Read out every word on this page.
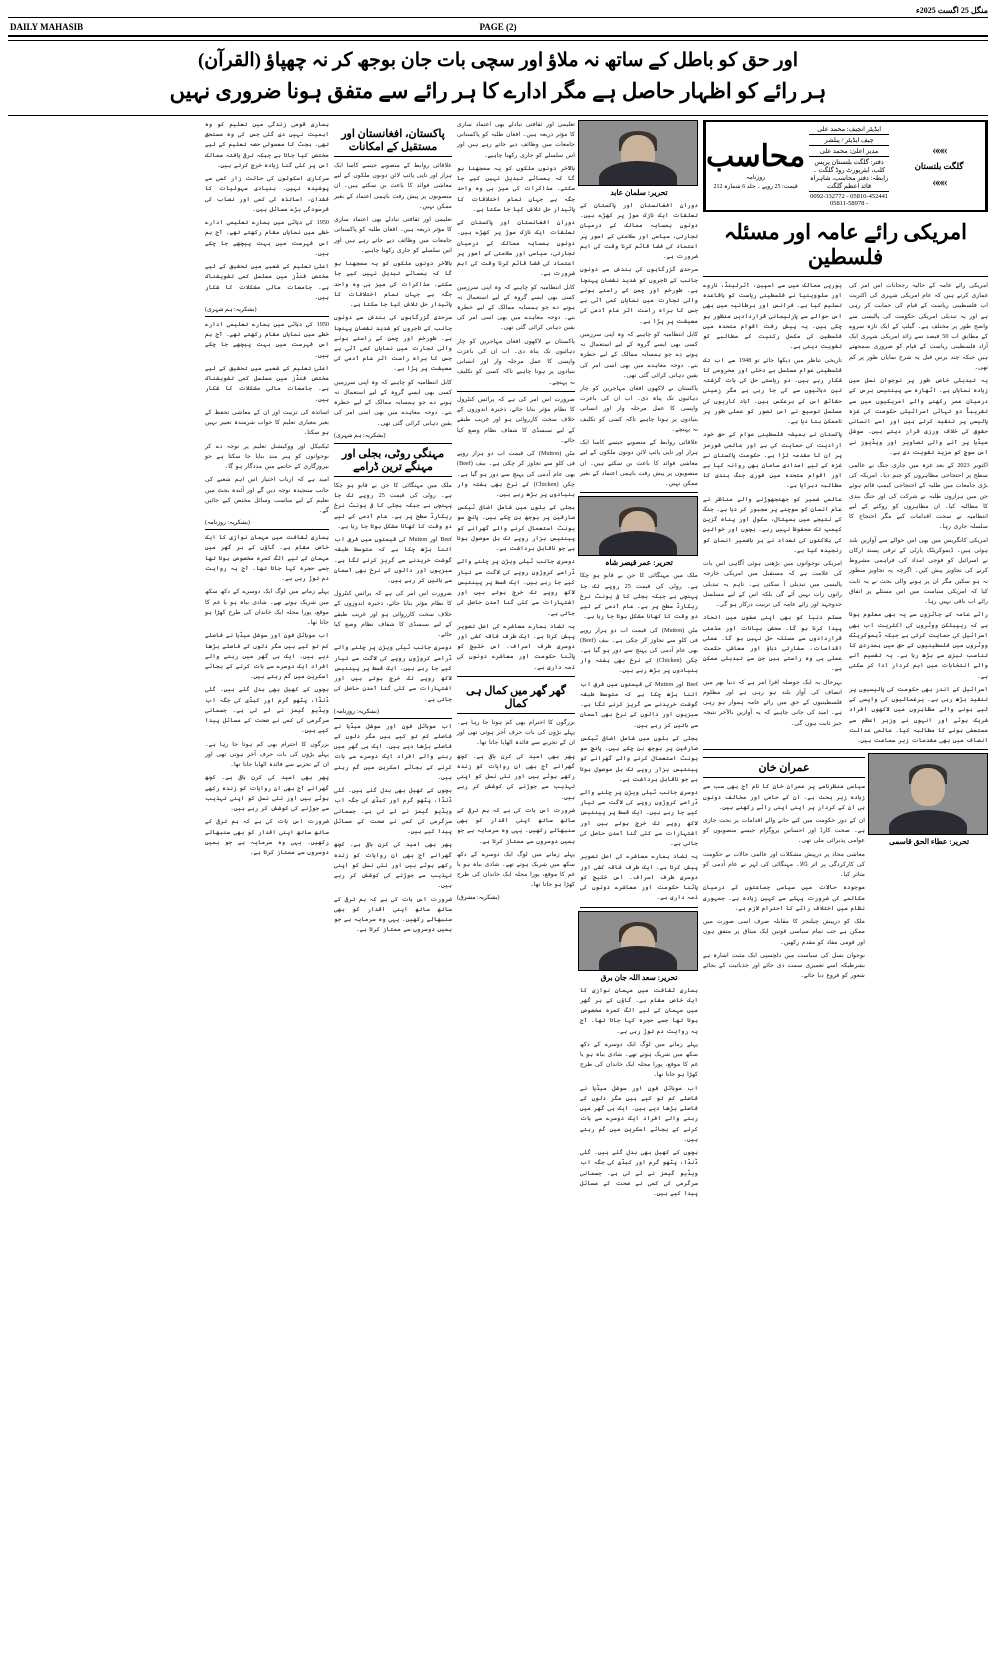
منگل 25 اگست 2025ء
PAGE (2)
DAILY MAHASIB
اور حق کو باطل کے ساتھ نہ ملاؤ اور سچی بات جان بوجھ کر نہ چھپاؤ (القرآن)
ہر رائے کو اظہار حاصل ہے مگر ادارے کا ہر رائے سے متفق ہونا ضروری نہیں
»»»
گلگت بلتستان
»»»
ایڈیٹر انچیف: محمد علی
چیف ایڈیٹر / پبلشر
مدیر اعلیٰ: محمد علی
دفتر: گلگت بلتستان پریس کلب، ایئرپورٹ روڈ گلگت ۔ رابطہ: دفتر محاسب، شاہراہ قائد اعظم گلگت
05810-452441 - 0092-332772 - 05811-58978
محاسب
روزنامہ
قیمت: 25 روپے ۔ جلد 6 شمارہ 212
امریکی رائے عامہ اور مسئلہ فلسطین

امریکی رائے عامہ کے حالیہ رجحانات اس امر کی غمازی کرتے ہیں کہ عام امریکی شہری کی اکثریت اب فلسطینی ریاست کے قیام کی حمایت کر رہی ہے اور یہ تبدیلی امریکی حکومت کی پالیسی سے واضح طور پر مختلف ہے۔ گیلپ کے ایک تازہ سروے کے مطابق اب 50 فیصد سے زائد امریکی شہری ایک آزاد فلسطینی ریاست کے قیام کو ضروری سمجھتے ہیں جبکہ چند برس قبل یہ شرح نمایاں طور پر کم تھی۔

یہ تبدیلی خاص طور پر نوجوان نسل میں زیادہ نمایاں ہے۔ اٹھارہ سے پینتیس برس کے درمیان عمر رکھنے والے امریکیوں میں سے تقریباً دو تہائی اسرائیلی حکومت کی غزہ پالیسی پر تنقید کرتے ہیں اور اسے انسانی حقوق کی خلاف ورزی قرار دیتے ہیں۔ سوشل میڈیا پر آنے والی تصاویر اور ویڈیوز نے اس سوچ کو مزید تقویت دی ہے۔

اکتوبر 2023 کے بعد غزہ میں جاری جنگ نے عالمی سطح پر احتجاجی مظاہروں کو جنم دیا۔ امریکہ کی بڑی جامعات میں طلبہ کے احتجاجی کیمپ قائم ہوئے جن میں ہزاروں طلبہ نے شرکت کی اور جنگ بندی کا مطالبہ کیا۔ ان مظاہروں کو روکنے کے لیے انتظامیہ نے سخت اقدامات کیے مگر احتجاج کا سلسلہ جاری رہا۔

امریکی کانگریس میں بھی اس حوالے سے آوازیں بلند ہوئی ہیں۔ ڈیموکریٹک پارٹی کے ترقی پسند ارکان نے اسرائیل کو فوجی امداد کی فراہمی مشروط کرنے کی تجاویز پیش کیں۔ اگرچہ یہ تجاویز منظور نہ ہو سکیں مگر ان پر ہونے والی بحث نے یہ ثابت کیا کہ امریکی سیاست میں اس مسئلے پر اتفاق رائے اب باقی نہیں رہا۔

رائے عامہ کے جائزوں سے یہ بھی معلوم ہوتا ہے کہ ریپبلکن ووٹروں کی اکثریت اب بھی اسرائیل کی حمایت کرتی ہے جبکہ ڈیموکریٹک ووٹروں میں فلسطینیوں کے حق میں ہمدردی کا تناسب تیزی سے بڑھ رہا ہے۔ یہ تقسیم آنے والے انتخابات میں اہم کردار ادا کر سکتی ہے۔

اسرائیل کے اندر بھی حکومت کی پالیسیوں پر تنقید بڑھ رہی ہے۔ یرغمالیوں کی واپسی کے لیے ہونے والے مظاہروں میں لاکھوں افراد شریک ہوئے اور انہوں نے وزیر اعظم سے مستعفی ہونے کا مطالبہ کیا۔ عالمی عدالت انصاف میں بھی مقدمات زیر سماعت ہیں۔

یورپی ممالک میں سے اسپین، آئرلینڈ، ناروے اور سلووینیا نے فلسطینی ریاست کو باقاعدہ تسلیم کیا ہے۔ فرانس اور برطانیہ میں بھی اس حوالے سے پارلیمانی قراردادیں منظور ہو چکی ہیں۔ یہ پیش رفت اقوام متحدہ میں فلسطین کی مکمل رکنیت کے مطالبے کو تقویت دیتی ہے۔

تاریخی تناظر میں دیکھا جائے تو 1948 سے اب تک فلسطینی عوام مسلسل بے دخلی اور محرومی کا شکار رہے ہیں۔ دو ریاستی حل کی بات گزشتہ تین دہائیوں سے کی جا رہی ہے مگر زمینی حقائق اس کے برعکس ہیں۔ آباد کاریوں کی مسلسل توسیع نے اس تصور کو عملی طور پر ناممکن بنا دیا ہے۔

پاکستان نے ہمیشہ فلسطینی عوام کے حق خود ارادیت کی حمایت کی ہے اور عالمی فورمز پر ان کا مقدمہ لڑا ہے۔ حکومت پاکستان نے غزہ کے لیے امدادی سامان بھی روانہ کیا ہے اور اقوام متحدہ میں فوری جنگ بندی کا مطالبہ دہرایا ہے۔

عالمی ضمیر کو جھنجھوڑنے والے مناظر نے عام انسان کو سوچنے پر مجبور کر دیا ہے۔ جنگ کے نتیجے میں ہسپتال، سکول اور پناہ گزین کیمپ تک محفوظ نہیں رہے۔ بچوں اور خواتین کی ہلاکتوں کی تعداد نے ہر باضمیر انسان کو رنجیدہ کیا ہے۔

امریکی نوجوانوں میں بڑھتی ہوئی آگاہی اس بات کی علامت ہے کہ مستقبل میں امریکی خارجہ پالیسی میں تبدیلی آ سکتی ہے۔ تاہم یہ تبدیلی راتوں رات نہیں آئے گی بلکہ اس کے لیے مسلسل جدوجہد اور رائے عامہ کی تربیت درکار ہو گی۔

مسلم دنیا کو بھی اپنی صفوں میں اتحاد پیدا کرنا ہو گا۔ محض بیانات اور مذمتی قراردادوں سے مسئلہ حل نہیں ہو گا۔ عملی اقدامات، سفارتی دباؤ اور معاشی حکمت عملی ہی وہ راستے ہیں جن سے تبدیلی ممکن ہے۔

بہرحال یہ ایک حوصلہ افزا امر ہے کہ دنیا بھر میں انصاف کی آواز بلند ہو رہی ہے اور مظلوم فلسطینیوں کے حق میں رائے عامہ ہموار ہو رہی ہے۔ امید کی جانی چاہیے کہ یہ آوازیں بالآخر نتیجہ خیز ثابت ہوں گی۔

تحریر: عطاء الحق قاسمی
عمران خان

سیاسی منظرنامے پر عمران خان کا نام آج بھی سب سے زیادہ زیر بحث ہے۔ ان کے حامی اور مخالف دونوں ہی ان کے کردار پر اپنی اپنی رائے رکھتے ہیں۔

ان کے دور حکومت میں کیے جانے والے اقدامات پر بحث جاری ہے۔ صحت کارڈ اور احساس پروگرام جیسے منصوبوں کو عوامی پذیرائی ملی تھی۔

معاشی محاذ پر درپیش مشکلات اور عالمی حالات نے حکومت کی کارکردگی پر اثر ڈالا۔ مہنگائی کی لہر نے عام آدمی کو متاثر کیا۔

موجودہ حالات میں سیاسی جماعتوں کے درمیان مکالمے کی ضرورت پہلے سے کہیں زیادہ ہے۔ جمہوری نظام میں اختلاف رائے کا احترام لازم ہے۔

ملک کو درپیش چیلنجز کا مقابلہ صرف اسی صورت میں ممکن ہے جب تمام سیاسی قوتیں ایک میثاق پر متفق ہوں اور قومی مفاد کو مقدم رکھیں۔

نوجوان نسل کی سیاست میں دلچسپی ایک مثبت اشارہ ہے بشرطیکہ اسے تعمیری سمت دی جائے اور جذباتیت کے بجائے شعور کو فروغ دیا جائے۔

تحریر: سلمان عابد

دوران افغانستان اور پاکستان کے تعلقات ایک نازک موڑ پر کھڑے ہیں۔ دونوں ہمسایہ ممالک کے درمیان تجارتی، سیاسی اور سلامتی کے امور پر اعتماد کی فضا قائم کرنا وقت کی اہم ضرورت ہے۔

سرحدی گزرگاہوں کی بندش سے دونوں جانب کے تاجروں کو شدید نقصان پہنچا ہے۔ طورخم اور چمن کے راستے ہونے والی تجارت میں نمایاں کمی آئی ہے جس کا براہ راست اثر عام آدمی کی معیشت پر پڑا ہے۔

کابل انتظامیہ کو چاہیے کہ وہ اپنی سرزمین کسی بھی ایسے گروہ کے لیے استعمال نہ ہونے دے جو ہمسایہ ممالک کے لیے خطرہ بنے۔ دوحہ معاہدے میں بھی اسی امر کی یقین دہانی کرائی گئی تھی۔

پاکستان نے لاکھوں افغان مہاجرین کو چار دہائیوں تک پناہ دی۔ اب ان کی باعزت واپسی کا عمل مرحلہ وار اور انسانی بنیادوں پر ہونا چاہیے تاکہ کسی کو تکلیف نہ پہنچے۔

علاقائی روابط کے منصوبے جیسے کاسا ایک ہزار اور تاپی پائپ لائن دونوں ملکوں کے لیے معاشی فوائد کا باعث بن سکتے ہیں۔ ان منصوبوں پر پیش رفت باہمی اعتماد کے بغیر ممکن نہیں۔

تحریر: عمر قیصر شاہ

ملک میں مہنگائی کا جن بے قابو ہو چکا ہے۔ روٹی کی قیمت 25 روپے تک جا پہنچی ہے جبکہ بجلی کا فی یونٹ نرخ ریکارڈ سطح پر ہے۔ عام آدمی کے لیے دو وقت کا کھانا مشکل ہوتا جا رہا ہے۔

مٹن (Mutton) کی قیمت اب دو ہزار روپے فی کلو سے تجاوز کر چکی ہے۔ بیف (Beef) بھی عام آدمی کی پہنچ سے دور ہو گیا ہے۔ چکن (Chicken) کے نرخ بھی ہفتہ وار بنیادوں پر بڑھ رہے ہیں۔

Beef اور Mutton کی قیمتوں میں فرق اب اتنا بڑھ چکا ہے کہ متوسط طبقہ گوشت خریدنے سے گریز کرنے لگا ہے۔ سبزیوں اور دالوں کے نرخ بھی آسمان سے باتیں کر رہے ہیں۔

بجلی کے بلوں میں شامل اضافی ٹیکس صارفین پر بوجھ بن چکے ہیں۔ پانچ سو یونٹ استعمال کرنے والے گھرانے کو پینتیس ہزار روپے تک بل موصول ہوتا ہے جو ناقابل برداشت ہے۔

دوسری جانب ٹیلی ویژن پر چلنے والے ڈرامے کروڑوں روپے کی لاگت سے تیار کیے جا رہے ہیں۔ ایک قسط پر پینتیس لاکھ روپے تک خرچ ہوتے ہیں اور اشتہارات سے کئی گنا آمدن حاصل کی جاتی ہے۔

یہ تضاد ہمارے معاشرے کی اصل تصویر پیش کرتا ہے۔ ایک طرف فاقہ کشی اور دوسری طرف اسراف۔ اس خلیج کو پاٹنا حکومت اور معاشرے دونوں کی ذمہ داری ہے۔

تحریر: سعد اللہ جان برق

ہماری ثقافت میں مہمان نوازی کا ایک خاص مقام ہے۔ گاؤں کے ہر گھر میں مہمان کے لیے الگ کمرہ مخصوص ہوتا تھا جسے حجرہ کہا جاتا تھا۔ آج یہ روایت دم توڑ رہی ہے۔

پہلے زمانے میں لوگ ایک دوسرے کے دکھ سکھ میں شریک ہوتے تھے۔ شادی بیاہ ہو یا غم کا موقع، پورا محلہ ایک خاندان کی طرح کھڑا ہو جاتا تھا۔

اب موبائل فون اور سوشل میڈیا نے فاصلے کم تو کیے ہیں مگر دلوں کے فاصلے بڑھا دیے ہیں۔ ایک ہی گھر میں رہنے والے افراد ایک دوسرے سے بات کرنے کے بجائے اسکرین میں گم رہتے ہیں۔

بچوں کے کھیل بھی بدل گئے ہیں۔ گلی ڈنڈا، پٹھو گرم اور کبڈی کی جگہ اب ویڈیو گیمز نے لے لی ہے۔ جسمانی سرگرمی کی کمی نے صحت کے مسائل پیدا کیے ہیں۔

تعلیمی اور ثقافتی تبادلے بھی اعتماد سازی کا مؤثر ذریعہ ہیں۔ افغان طلبہ کو پاکستانی جامعات میں وظائف دیے جاتے رہے ہیں اور اس سلسلے کو جاری رکھنا چاہیے۔

بالآخر دونوں ملکوں کو یہ سمجھنا ہو گا کہ ہمسائے تبدیل نہیں کیے جا سکتے۔ مذاکرات کی میز ہی وہ واحد جگہ ہے جہاں تمام اختلافات کا پائیدار حل تلاش کیا جا سکتا ہے۔

دوران افغانستان اور پاکستان کے تعلقات ایک نازک موڑ پر کھڑے ہیں۔ دونوں ہمسایہ ممالک کے درمیان تجارتی، سیاسی اور سلامتی کے امور پر اعتماد کی فضا قائم کرنا وقت کی اہم ضرورت ہے۔

کابل انتظامیہ کو چاہیے کہ وہ اپنی سرزمین کسی بھی ایسے گروہ کے لیے استعمال نہ ہونے دے جو ہمسایہ ممالک کے لیے خطرہ بنے۔ دوحہ معاہدے میں بھی اسی امر کی یقین دہانی کرائی گئی تھی۔

پاکستان نے لاکھوں افغان مہاجرین کو چار دہائیوں تک پناہ دی۔ اب ان کی باعزت واپسی کا عمل مرحلہ وار اور انسانی بنیادوں پر ہونا چاہیے تاکہ کسی کو تکلیف نہ پہنچے۔

ضرورت اس امر کی ہے کہ پرائس کنٹرول کا نظام مؤثر بنایا جائے، ذخیرہ اندوزوں کے خلاف سخت کارروائی ہو اور غریب طبقے کے لیے سبسڈی کا شفاف نظام وضع کیا جائے۔

مٹن (Mutton) کی قیمت اب دو ہزار روپے فی کلو سے تجاوز کر چکی ہے۔ بیف (Beef) بھی عام آدمی کی پہنچ سے دور ہو گیا ہے۔ چکن (Chicken) کے نرخ بھی ہفتہ وار بنیادوں پر بڑھ رہے ہیں۔

بجلی کے بلوں میں شامل اضافی ٹیکس صارفین پر بوجھ بن چکے ہیں۔ پانچ سو یونٹ استعمال کرنے والے گھرانے کو پینتیس ہزار روپے تک بل موصول ہوتا ہے جو ناقابل برداشت ہے۔

دوسری جانب ٹیلی ویژن پر چلنے والے ڈرامے کروڑوں روپے کی لاگت سے تیار کیے جا رہے ہیں۔ ایک قسط پر پینتیس لاکھ روپے تک خرچ ہوتے ہیں اور اشتہارات سے کئی گنا آمدن حاصل کی جاتی ہے۔

یہ تضاد ہمارے معاشرے کی اصل تصویر پیش کرتا ہے۔ ایک طرف فاقہ کشی اور دوسری طرف اسراف۔ اس خلیج کو پاٹنا حکومت اور معاشرے دونوں کی ذمہ داری ہے۔

گھر گھر میں کمال ہی کمال

بزرگوں کا احترام بھی کم ہوتا جا رہا ہے۔ پہلے بڑوں کی بات حرف آخر ہوتی تھی اور ان کے تجربے سے فائدہ اٹھایا جاتا تھا۔

پھر بھی امید کی کرن باقی ہے۔ کچھ گھرانے آج بھی ان روایات کو زندہ رکھے ہوئے ہیں اور نئی نسل کو اپنی تہذیب سے جوڑنے کی کوشش کر رہے ہیں۔

ضرورت اس بات کی ہے کہ ہم ترقی کے ساتھ ساتھ اپنی اقدار کو بھی سنبھالے رکھیں۔ یہی وہ سرمایہ ہے جو ہمیں دوسروں سے ممتاز کرتا ہے۔

پہلے زمانے میں لوگ ایک دوسرے کے دکھ سکھ میں شریک ہوتے تھے۔ شادی بیاہ ہو یا غم کا موقع، پورا محلہ ایک خاندان کی طرح کھڑا ہو جاتا تھا۔

(بشکریہ: مشرق)
پاکستان، افغانستان اور مستقبل کے امکانات

علاقائی روابط کے منصوبے جیسے کاسا ایک ہزار اور تاپی پائپ لائن دونوں ملکوں کے لیے معاشی فوائد کا باعث بن سکتے ہیں۔ ان منصوبوں پر پیش رفت باہمی اعتماد کے بغیر ممکن نہیں۔

تعلیمی اور ثقافتی تبادلے بھی اعتماد سازی کا مؤثر ذریعہ ہیں۔ افغان طلبہ کو پاکستانی جامعات میں وظائف دیے جاتے رہے ہیں اور اس سلسلے کو جاری رکھنا چاہیے۔

بالآخر دونوں ملکوں کو یہ سمجھنا ہو گا کہ ہمسائے تبدیل نہیں کیے جا سکتے۔ مذاکرات کی میز ہی وہ واحد جگہ ہے جہاں تمام اختلافات کا پائیدار حل تلاش کیا جا سکتا ہے۔

سرحدی گزرگاہوں کی بندش سے دونوں جانب کے تاجروں کو شدید نقصان پہنچا ہے۔ طورخم اور چمن کے راستے ہونے والی تجارت میں نمایاں کمی آئی ہے جس کا براہ راست اثر عام آدمی کی معیشت پر پڑا ہے۔

کابل انتظامیہ کو چاہیے کہ وہ اپنی سرزمین کسی بھی ایسے گروہ کے لیے استعمال نہ ہونے دے جو ہمسایہ ممالک کے لیے خطرہ بنے۔ دوحہ معاہدے میں بھی اسی امر کی یقین دہانی کرائی گئی تھی۔

(بشکریہ: ہم شہری)
مہنگی روٹی، بجلی اور مہنگے ترین ڈرامے

ملک میں مہنگائی کا جن بے قابو ہو چکا ہے۔ روٹی کی قیمت 25 روپے تک جا پہنچی ہے جبکہ بجلی کا فی یونٹ نرخ ریکارڈ سطح پر ہے۔ عام آدمی کے لیے دو وقت کا کھانا مشکل ہوتا جا رہا ہے۔

Beef اور Mutton کی قیمتوں میں فرق اب اتنا بڑھ چکا ہے کہ متوسط طبقہ گوشت خریدنے سے گریز کرنے لگا ہے۔ سبزیوں اور دالوں کے نرخ بھی آسمان سے باتیں کر رہے ہیں۔

ضرورت اس امر کی ہے کہ پرائس کنٹرول کا نظام مؤثر بنایا جائے، ذخیرہ اندوزوں کے خلاف سخت کارروائی ہو اور غریب طبقے کے لیے سبسڈی کا شفاف نظام وضع کیا جائے۔

دوسری جانب ٹیلی ویژن پر چلنے والے ڈرامے کروڑوں روپے کی لاگت سے تیار کیے جا رہے ہیں۔ ایک قسط پر پینتیس لاکھ روپے تک خرچ ہوتے ہیں اور اشتہارات سے کئی گنا آمدن حاصل کی جاتی ہے۔

(بشکریہ: روزنامہ)

اب موبائل فون اور سوشل میڈیا نے فاصلے کم تو کیے ہیں مگر دلوں کے فاصلے بڑھا دیے ہیں۔ ایک ہی گھر میں رہنے والے افراد ایک دوسرے سے بات کرنے کے بجائے اسکرین میں گم رہتے ہیں۔

بچوں کے کھیل بھی بدل گئے ہیں۔ گلی ڈنڈا، پٹھو گرم اور کبڈی کی جگہ اب ویڈیو گیمز نے لے لی ہے۔ جسمانی سرگرمی کی کمی نے صحت کے مسائل پیدا کیے ہیں۔

پھر بھی امید کی کرن باقی ہے۔ کچھ گھرانے آج بھی ان روایات کو زندہ رکھے ہوئے ہیں اور نئی نسل کو اپنی تہذیب سے جوڑنے کی کوشش کر رہے ہیں۔

ضرورت اس بات کی ہے کہ ہم ترقی کے ساتھ ساتھ اپنی اقدار کو بھی سنبھالے رکھیں۔ یہی وہ سرمایہ ہے جو ہمیں دوسروں سے ممتاز کرتا ہے۔

ہماری قومی زندگی میں تعلیم کو وہ اہمیت نہیں دی گئی جس کی وہ مستحق تھی۔ بجٹ کا معمولی حصہ تعلیم کے لیے مختص کیا جاتا ہے جبکہ ترقی یافتہ ممالک اس پر کئی گنا زیادہ خرچ کرتے ہیں۔

سرکاری اسکولوں کی حالت زار کسی سے پوشیدہ نہیں۔ بنیادی سہولیات کا فقدان، اساتذہ کی کمی اور نصاب کی فرسودگی بڑے مسائل ہیں۔

1950 کی دہائی میں ہمارے تعلیمی ادارے خطے میں نمایاں مقام رکھتے تھے۔ آج ہم اس فہرست میں بہت پیچھے جا چکے ہیں۔

اعلیٰ تعلیم کے شعبے میں تحقیق کے لیے مختص فنڈز میں مسلسل کمی تشویشناک ہے۔ جامعات مالی مشکلات کا شکار ہیں۔

(بشکریہ: ہم شہری)

1950 کی دہائی میں ہمارے تعلیمی ادارے خطے میں نمایاں مقام رکھتے تھے۔ آج ہم اس فہرست میں بہت پیچھے جا چکے ہیں۔

اعلیٰ تعلیم کے شعبے میں تحقیق کے لیے مختص فنڈز میں مسلسل کمی تشویشناک ہے۔ جامعات مالی مشکلات کا شکار ہیں۔

اساتذہ کی تربیت اور ان کے معاشی تحفظ کے بغیر معیاری تعلیم کا خواب شرمندہ تعبیر نہیں ہو سکتا۔

ٹیکنیکل اور ووکیشنل تعلیم پر توجہ دے کر نوجوانوں کو ہنر مند بنایا جا سکتا ہے جو بیروزگاری کے خاتمے میں مددگار ہو گا۔

امید ہے کہ ارباب اختیار اس اہم شعبے کی جانب سنجیدہ توجہ دیں گے اور آئندہ بجٹ میں تعلیم کے لیے مناسب وسائل مختص کیے جائیں گے۔

(بشکریہ: روزنامہ)

ہماری ثقافت میں مہمان نوازی کا ایک خاص مقام ہے۔ گاؤں کے ہر گھر میں مہمان کے لیے الگ کمرہ مخصوص ہوتا تھا جسے حجرہ کہا جاتا تھا۔ آج یہ روایت دم توڑ رہی ہے۔

پہلے زمانے میں لوگ ایک دوسرے کے دکھ سکھ میں شریک ہوتے تھے۔ شادی بیاہ ہو یا غم کا موقع، پورا محلہ ایک خاندان کی طرح کھڑا ہو جاتا تھا۔

اب موبائل فون اور سوشل میڈیا نے فاصلے کم تو کیے ہیں مگر دلوں کے فاصلے بڑھا دیے ہیں۔ ایک ہی گھر میں رہنے والے افراد ایک دوسرے سے بات کرنے کے بجائے اسکرین میں گم رہتے ہیں۔

بچوں کے کھیل بھی بدل گئے ہیں۔ گلی ڈنڈا، پٹھو گرم اور کبڈی کی جگہ اب ویڈیو گیمز نے لے لی ہے۔ جسمانی سرگرمی کی کمی نے صحت کے مسائل پیدا کیے ہیں۔

بزرگوں کا احترام بھی کم ہوتا جا رہا ہے۔ پہلے بڑوں کی بات حرف آخر ہوتی تھی اور ان کے تجربے سے فائدہ اٹھایا جاتا تھا۔

پھر بھی امید کی کرن باقی ہے۔ کچھ گھرانے آج بھی ان روایات کو زندہ رکھے ہوئے ہیں اور نئی نسل کو اپنی تہذیب سے جوڑنے کی کوشش کر رہے ہیں۔

ضرورت اس بات کی ہے کہ ہم ترقی کے ساتھ ساتھ اپنی اقدار کو بھی سنبھالے رکھیں۔ یہی وہ سرمایہ ہے جو ہمیں دوسروں سے ممتاز کرتا ہے۔
